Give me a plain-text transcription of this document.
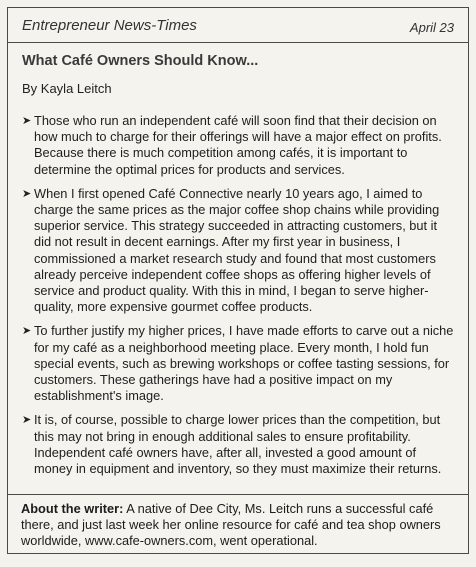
Entrepreneur News-Times	April 23
What Café Owners Should Know...
By Kayla Leitch
➤ Those who run an independent café will soon find that their decision on how much to charge for their offerings will have a major effect on profits. Because there is much competition among cafés, it is important to determine the optimal prices for products and services.
➤ When I first opened Café Connective nearly 10 years ago, I aimed to charge the same prices as the major coffee shop chains while providing superior service. This strategy succeeded in attracting customers, but it did not result in decent earnings. After my first year in business, I commissioned a market research study and found that most customers already perceive independent coffee shops as offering higher levels of service and product quality. With this in mind, I began to serve higher-quality, more expensive gourmet coffee products.
➤ To further justify my higher prices, I have made efforts to carve out a niche for my café as a neighborhood meeting place. Every month, I hold fun special events, such as brewing workshops or coffee tasting sessions, for customers. These gatherings have had a positive impact on my establishment's image.
➤ It is, of course, possible to charge lower prices than the competition, but this may not bring in enough additional sales to ensure profitability. Independent café owners have, after all, invested a good amount of money in equipment and inventory, so they must maximize their returns.
About the writer: A native of Dee City, Ms. Leitch runs a successful café there, and just last week her online resource for café and tea shop owners worldwide, www.cafe-owners.com, went operational.
